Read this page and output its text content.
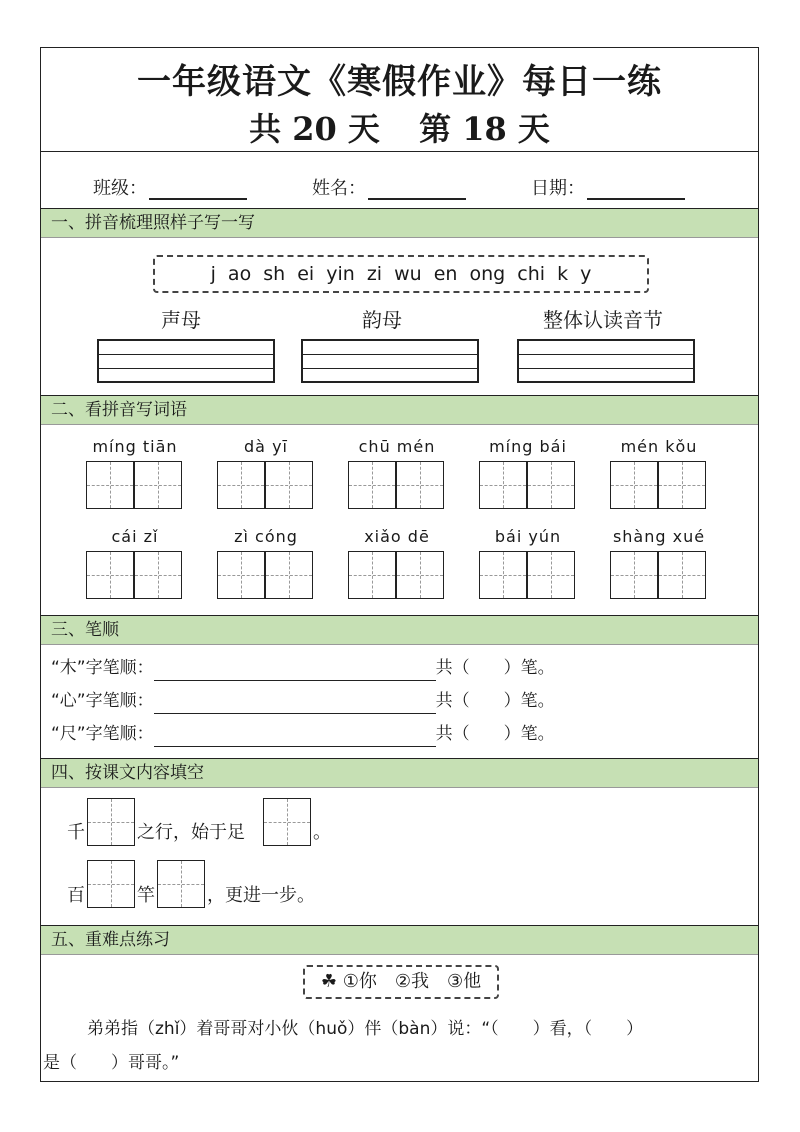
一年级语文《寒假作业》每日一练
共 20 天 第 18 天
班级：	姓名：	日期：
一、拼音梳理照样子写一写
j ao sh ei yin zi wu en ong chi k y
声母	韵母	整体认读音节
二、看拼音写词语
míng tiān	dà yī	chū mén	míng bái	mén kǒu
cái zǐ	zì cóng	xiǎo dē	bái yún	shàng xué
三、笔顺
“木”字笔顺：	共（　　）笔。
“心”字笔顺：	共（　　）笔。
“尺”字笔顺：	共（　　）笔。
四、按课文内容填空
千	之行，始于足	。
百	竿	，更进一步。
五、重难点练习
☘ ①你　②我　③他
弟弟指（zhǐ）着哥哥对小伙（huǒ）伴（bàn）说：“（　　）看，（　　）
是（　　）哥哥。”
